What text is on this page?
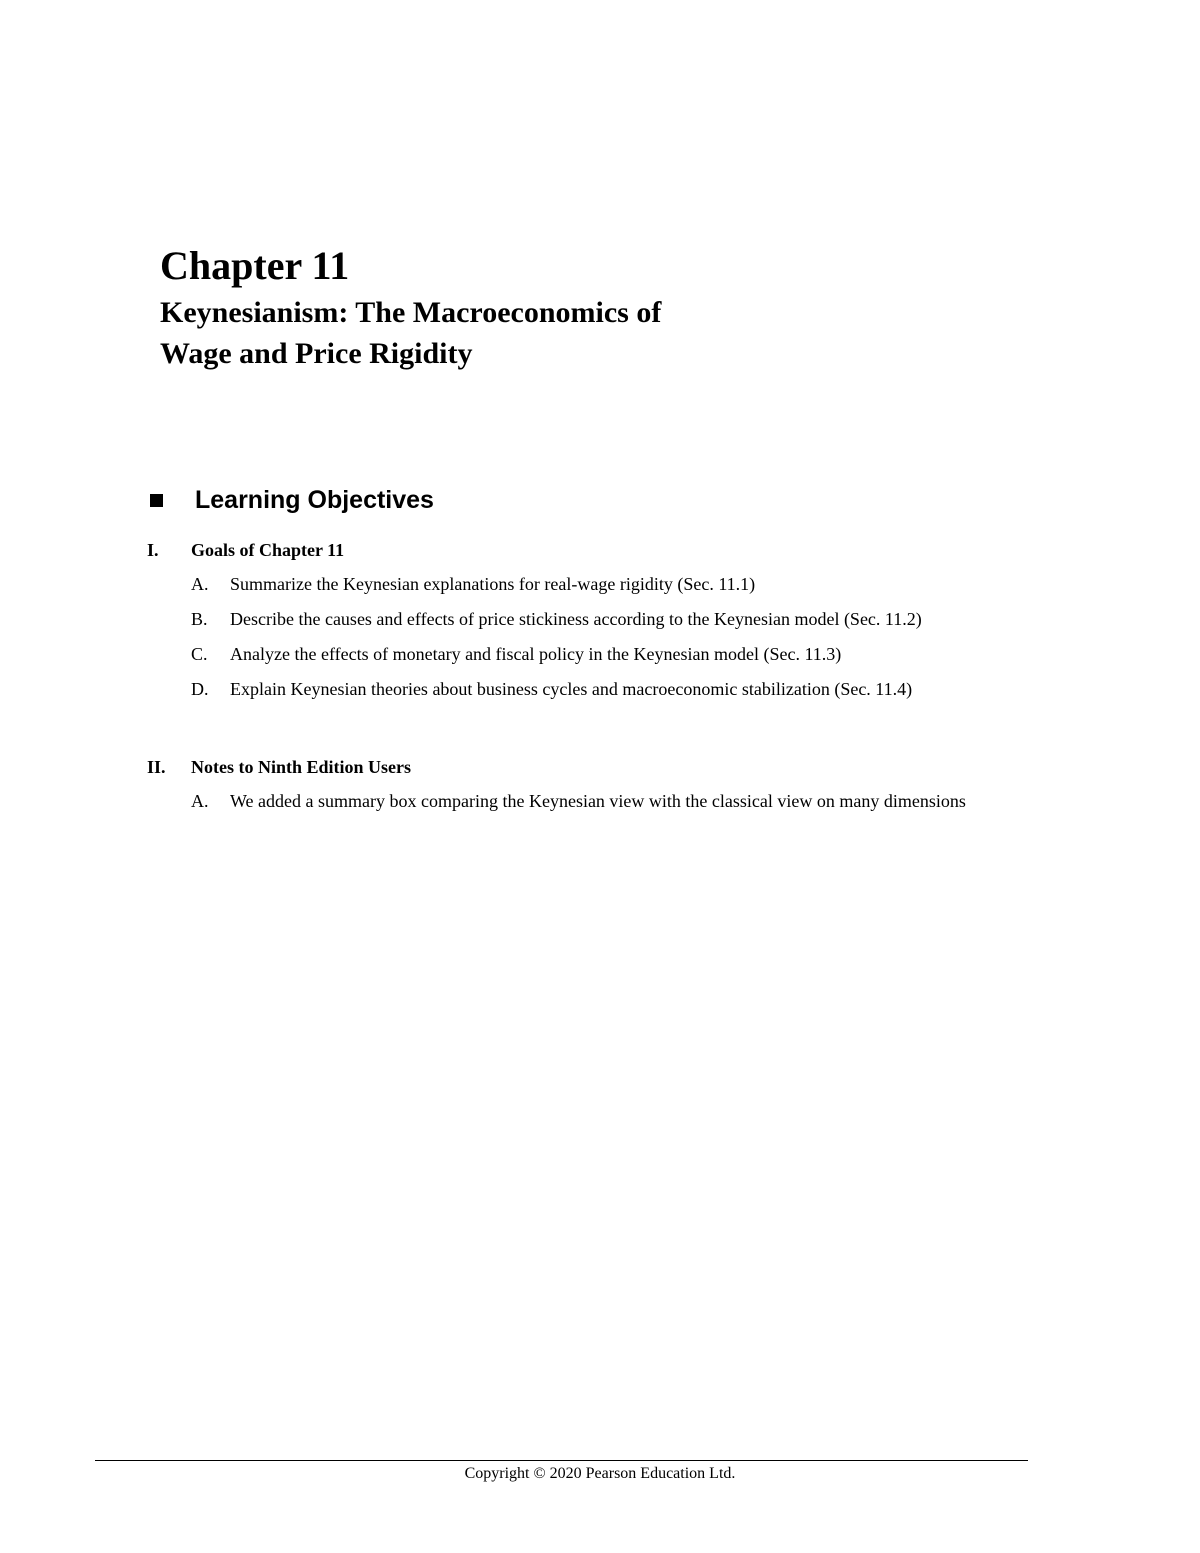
Chapter 11
Keynesianism: The Macroeconomics of Wage and Price Rigidity
Learning Objectives
I. Goals of Chapter 11
A. Summarize the Keynesian explanations for real-wage rigidity (Sec. 11.1)
B. Describe the causes and effects of price stickiness according to the Keynesian model (Sec. 11.2)
C. Analyze the effects of monetary and fiscal policy in the Keynesian model (Sec. 11.3)
D. Explain Keynesian theories about business cycles and macroeconomic stabilization (Sec. 11.4)
II. Notes to Ninth Edition Users
A. We added a summary box comparing the Keynesian view with the classical view on many dimensions
Copyright © 2020 Pearson Education Ltd.
